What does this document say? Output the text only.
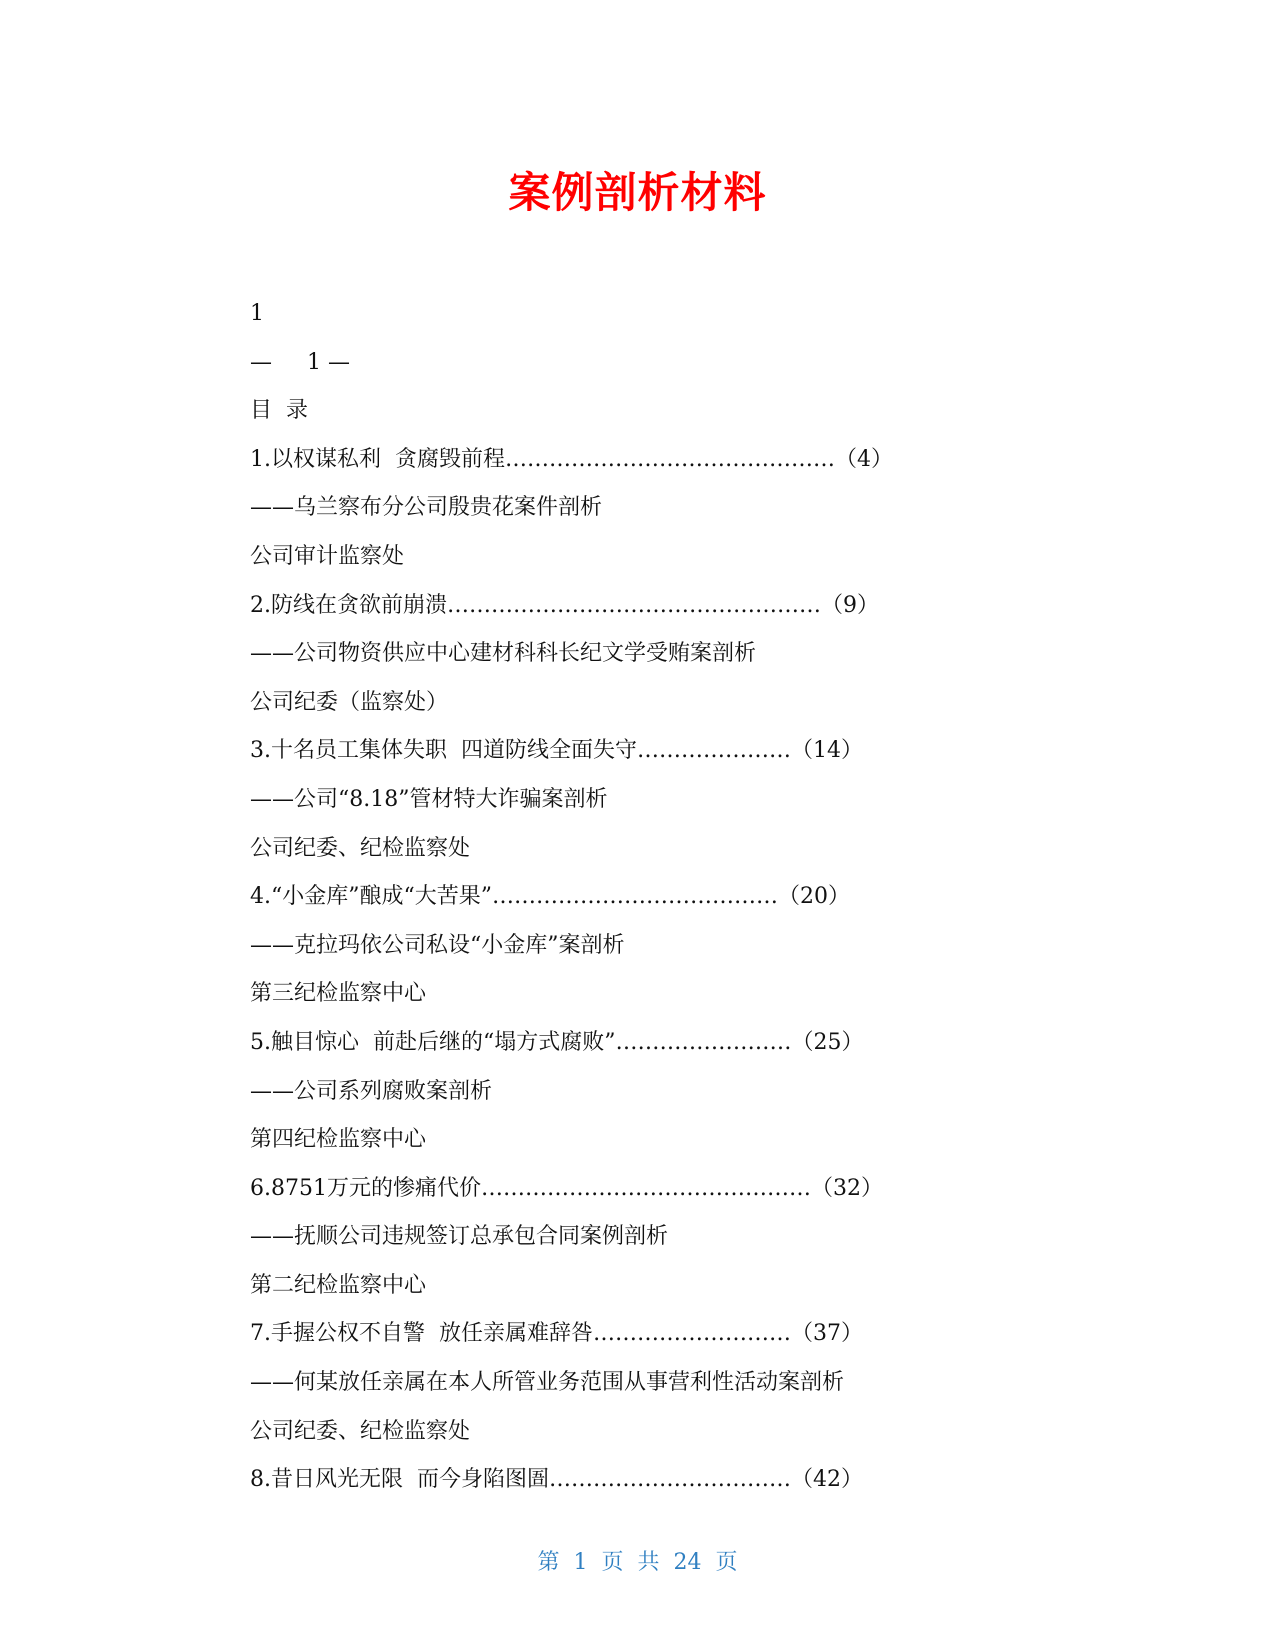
案例剖析材料
1
—     1 —
目  录
1.以权谋私利  贪腐毁前程 ……………………………………… （4）
——乌兰察布分公司殷贵花案件剖析
公司审计监察处
2.防线在贪欲前崩溃 …………………………………………… （9）
——公司物资供应中心建材科科长纪文学受贿案剖析
公司纪委（监察处）
3.十名员工集体失职  四道防线全面失守 ………………… （14）
——公司“8.18”管材特大诈骗案剖析
公司纪委、纪检监察处
4.“小金库”酿成“大苦果” ………………………………… （20）
——克拉玛依公司私设“小金库”案剖析
第三纪检监察中心
5.触目惊心  前赴后继的“塌方式腐败” …………………… （25）
——公司系列腐败案剖析
第四纪检监察中心
6.8751万元的惨痛代价 ……………………………………… （32）
——抚顺公司违规签订总承包合同案例剖析
第二纪检监察中心
7.手握公权不自警  放任亲属难辞咎 ……………………… （37）
——何某放任亲属在本人所管业务范围从事营利性活动案剖析
公司纪委、纪检监察处
8.昔日风光无限  而今身陷图圄 …………………………… （42）
第  1  页  共  24  页
